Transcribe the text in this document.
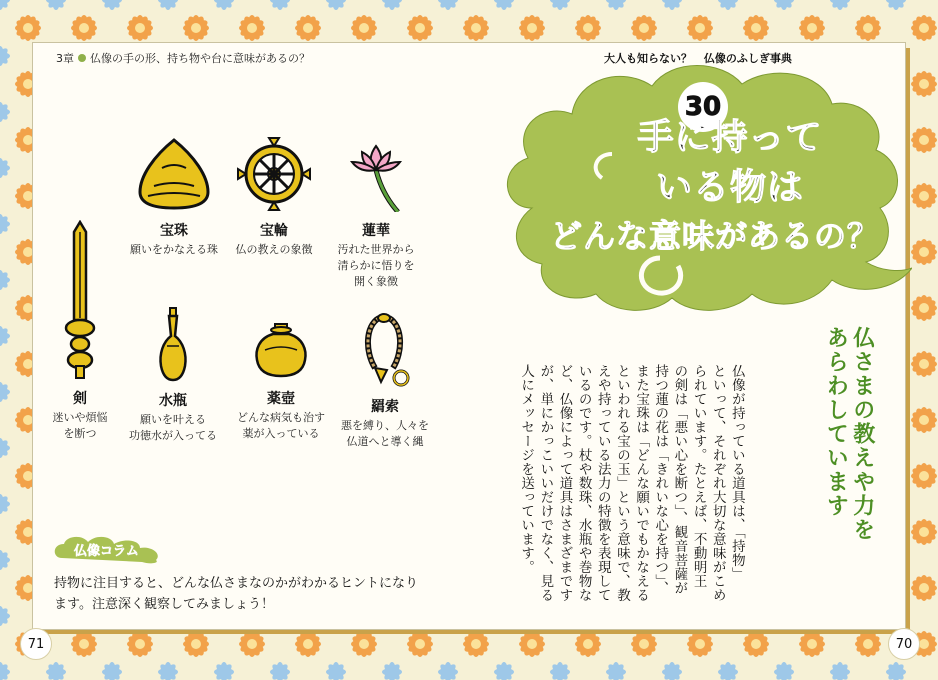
3章 仏像の手の形、持ち物や台に意味があるの？
宝珠
願いをかなえる珠
宝輪
仏の教えの象徴
蓮華
汚れた世界から
清らかに悟りを
開く象徴
剣
迷いや煩悩
を断つ
水瓶
願いを叶える
功徳水が入ってる
薬壺
どんな病気も治す
薬が入っている
羂索
悪を縛り、人々を
仏道へと導く縄
大人も知らない？ 仏像のふしぎ事典
30
手に持って
いる物は
どんな意味があるの？
仏さまの教えや力を
あらわしています
仏像が持っている道具は、「持物」
といって、それぞれ大切な意味がこめ
られています。たとえば、不動明王
の剣は「悪い心を断つ」、観音菩薩が
持つ蓮の花は「きれいな心を持つ」、
また宝珠は「どんな願いでもかなえる
といわれる宝の玉」という意味で、教
えや持っている法力の特徴を表現して
いるのです。杖や数珠、水瓶や巻物な
ど、仏像によって道具はさまざまです
が、単にかっこいいだけでなく、見る
人にメッセージを送っています。
仏像コラム
持物に注目すると、どんな仏さまなのかがわかるヒントになります。注意深く観察してみましょう！
71	70
